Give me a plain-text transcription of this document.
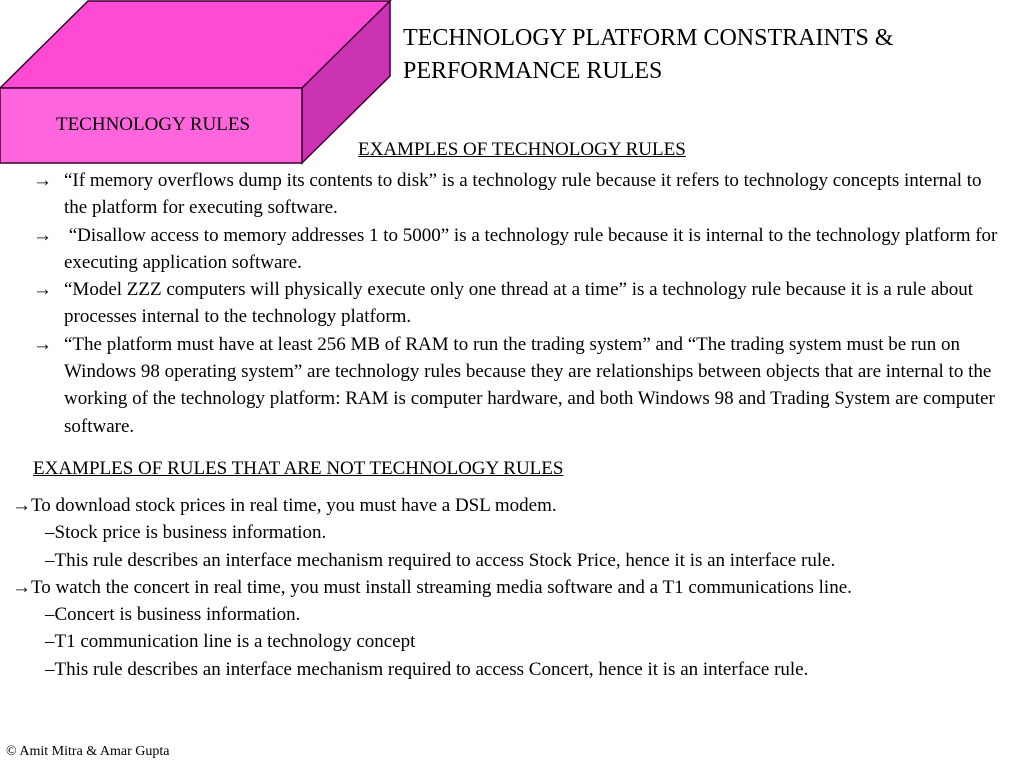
TECHNOLOGY RULES
TECHNOLOGY PLATFORM CONSTRAINTS &
PERFORMANCE RULES
EXAMPLES OF TECHNOLOGY RULES
→ “If memory overflows dump its contents to disk” is a technology rule because it refers to technology concepts internal to the platform for executing software.
→ “Disallow access to memory addresses 1 to 5000” is a technology rule because it is internal to the technology platform for executing application software.
→ “Model ZZZ computers will physically execute only one thread at a time” is a technology rule because it is a rule about processes internal to the technology platform.
→ “The platform must have at least 256 MB of RAM to run the trading system” and “The trading system must be run on Windows 98 operating system” are technology rules because they are relationships between objects that are internal to the working of the technology platform: RAM is computer hardware, and both Windows 98 and Trading System are computer software.
EXAMPLES OF RULES THAT ARE NOT TECHNOLOGY RULES
→ To download stock prices in real time, you must have a DSL modem.
–Stock price is business information.
–This rule describes an interface mechanism required to access Stock Price, hence it is an interface rule.
→ To watch the concert in real time, you must install streaming media software and a T1 communications line.
–Concert is business information.
–T1 communication line is a technology concept
–This rule describes an interface mechanism required to access Concert, hence it is an interface rule.
© Amit Mitra & Amar Gupta
